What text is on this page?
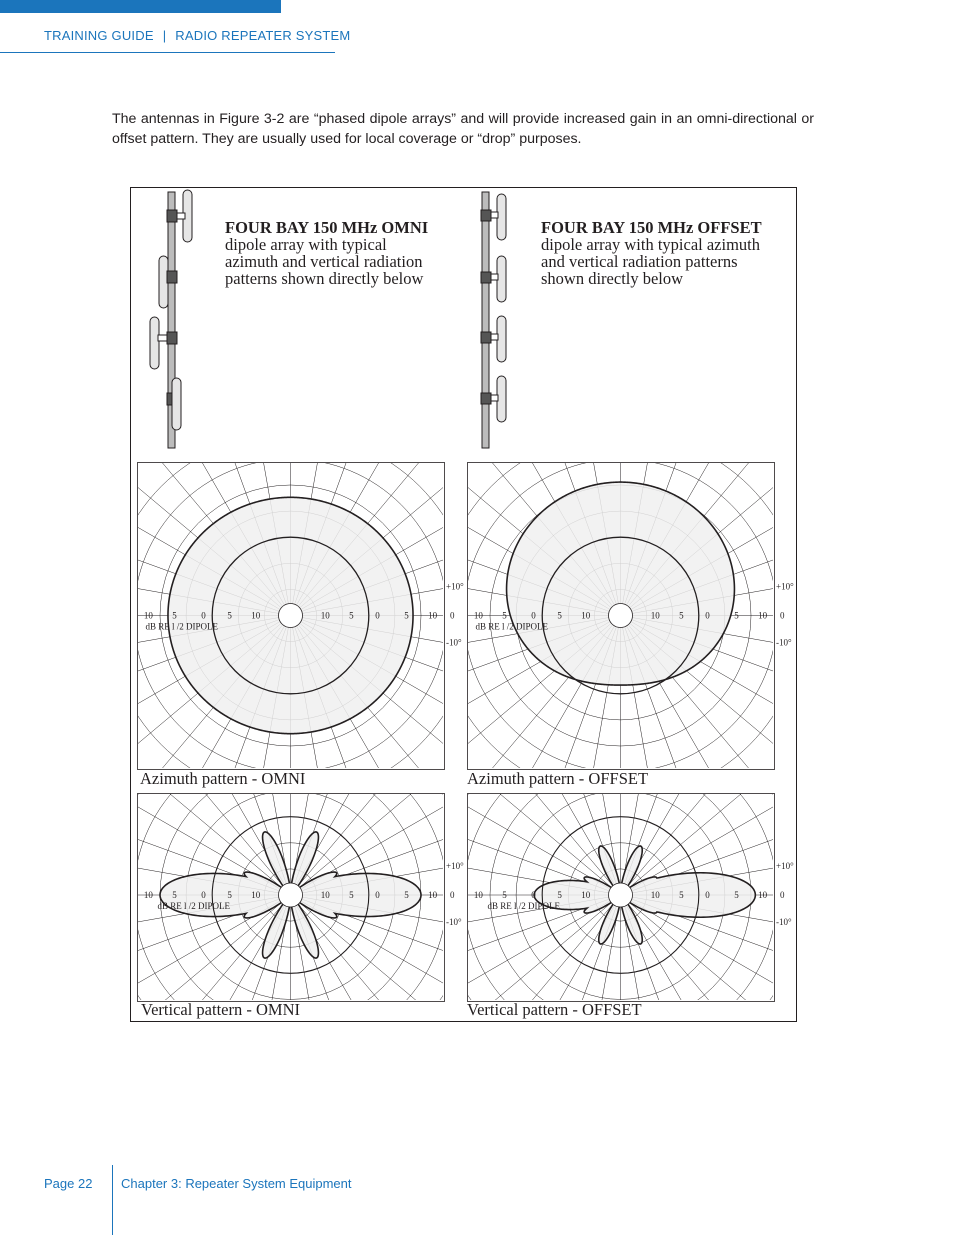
TRAINING GUIDE | RADIO REPEATER SYSTEM

The antennas in Figure 3-2 are “phased dipole arrays” and will provide increased gain in an omni-directional or offset pattern. They are usually used for local coverage or “drop” purposes.

FOUR BAY 150 MHz OMNI
dipole array with typical
azimuth and vertical radiation
patterns shown directly below
FOUR BAY 150 MHz OFFSET
dipole array with typical azimuth
and vertical radiation patterns
shown directly below
10 5	0 5 10	10 5 0	5 10
dB RE l /2 DIPOLE
+10°
0
-10°
10 5	0 5 10	10 5 0	5 10
dB RE l /2 DIPOLE
+10°
0
-10°
10 5	0 5 10	10 5 0	5 10
dB RE l /2 DIPOLE
+10°
0
-10°
10 5	0 5 10	10 5 0	5 10
dB RE l /2 DIPOLE
+10°
0
-10°
Azimuth pattern - OMNI	Azimuth pattern - OFFSET
Vertical pattern - OMNI	Vertical pattern - OFFSET
Page 22 Chapter 3: Repeater System Equipment
